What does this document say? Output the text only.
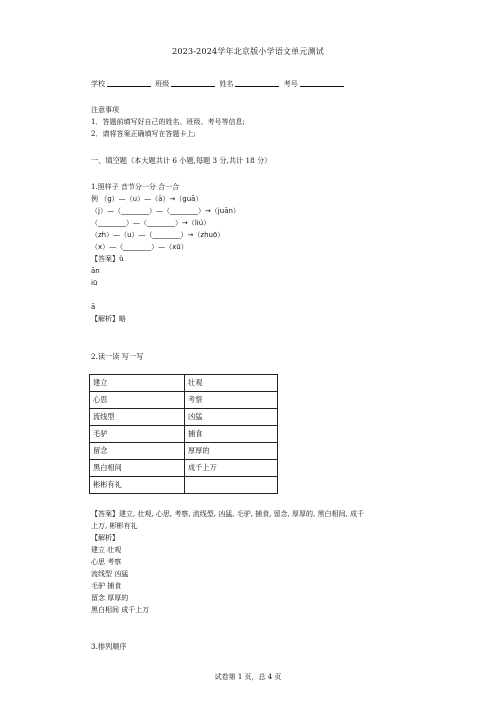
2023-2024学年北京版小学语文单元测试
学校	班级	姓名	考号
注意事项
1．答题前填写好自己的姓名、班级、考号等信息;
2．请将答案正确填写在答题卡上;
一、填空题（本大题共计 6 小题,每题 3 分,共计 18 分）
1.照样子 音节分一分 合一合
例 （g）—（u）—（ā）→（guā）
（j）—（________）—（________）→（juān）
（________）—（________）→（liú）
（zh）—（u）—（________）→（zhuō）
（x）—（________）—（xū）
【答案】ü
ān
iū
ā
【解析】略
2.读一读 写一写
建立	壮观
心思	考察
流线型	凶猛
毛驴	捕食
留念	厚厚的
黑白相间	成千上万
彬彬有礼	
【答案】建立, 壮观, 心思, 考察, 流线型, 凶猛, 毛驴, 捕食, 留念, 厚厚的, 黑白相间, 成千
上万, 彬彬有礼
【解析】
建立 壮观
心思 考察
流线型 凶猛
毛驴 捕食
留念 厚厚的
黑白相间 成千上万
3.排列顺序
试卷第 1 页，总 4 页
